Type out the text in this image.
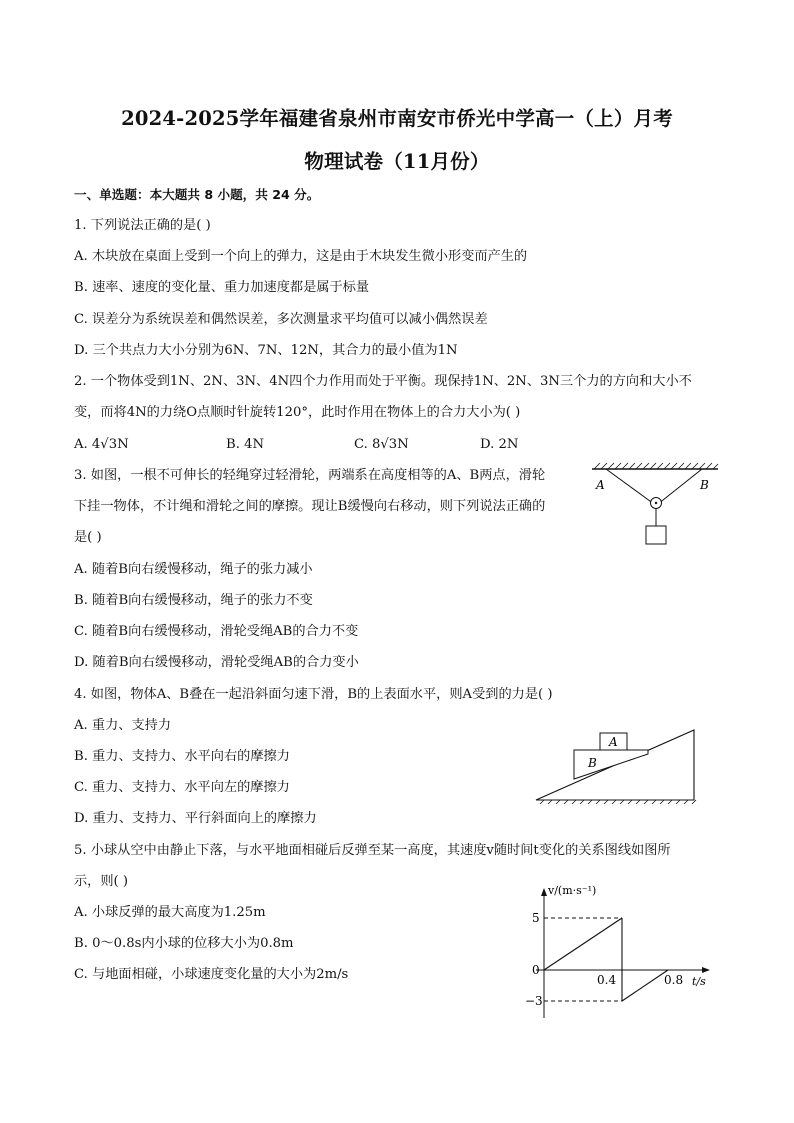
2024-2025学年福建省泉州市南安市侨光中学高一（上）月考
物理试卷（11月份）
一、单选题：本大题共 8 小题，共 24 分。
1. 下列说法正确的是( )
A. 木块放在桌面上受到一个向上的弹力，这是由于木块发生微小形变而产生的
B. 速率、速度的变化量、重力加速度都是属于标量
C. 误差分为系统误差和偶然误差，多次测量求平均值可以减小偶然误差
D. 三个共点力大小分别为6N、7N、12N，其合力的最小值为1N
2. 一个物体受到1N、2N、3N、4N四个力作用而处于平衡。现保持1N、2N、3N三个力的方向和大小不
变，而将4N的力绕O点顺时针旋转120°，此时作用在物体上的合力大小为( )
A. 4√3N	B. 4N	C. 8√3N	D. 2N
3. 如图，一根不可伸长的轻绳穿过轻滑轮，两端系在高度相等的A、B两点，滑轮
下挂一物体，不计绳和滑轮之间的摩擦。现让B缓慢向右移动，则下列说法正确的
是( )
A. 随着B向右缓慢移动，绳子的张力减小
B. 随着B向右缓慢移动，绳子的张力不变
C. 随着B向右缓慢移动，滑轮受绳AB的合力不变
D. 随着B向右缓慢移动，滑轮受绳AB的合力变小
A	B
4. 如图，物体A、B叠在一起沿斜面匀速下滑，B的上表面水平，则A受到的力是( )
A. 重力、支持力
B. 重力、支持力、水平向右的摩擦力
C. 重力、支持力、水平向左的摩擦力
D. 重力、支持力、平行斜面向上的摩擦力
A
B
5. 小球从空中由静止下落，与水平地面相碰后反弹至某一高度，其速度v随时间t变化的关系图线如图所
示，则( )
A. 小球反弹的最大高度为1.25m
B. 0～0.8s内小球的位移大小为0.8m
C. 与地面相碰，小球速度变化量的大小为2m/s
v/(m·s⁻¹)
t/s
5
0
−3
0.4	0.8
